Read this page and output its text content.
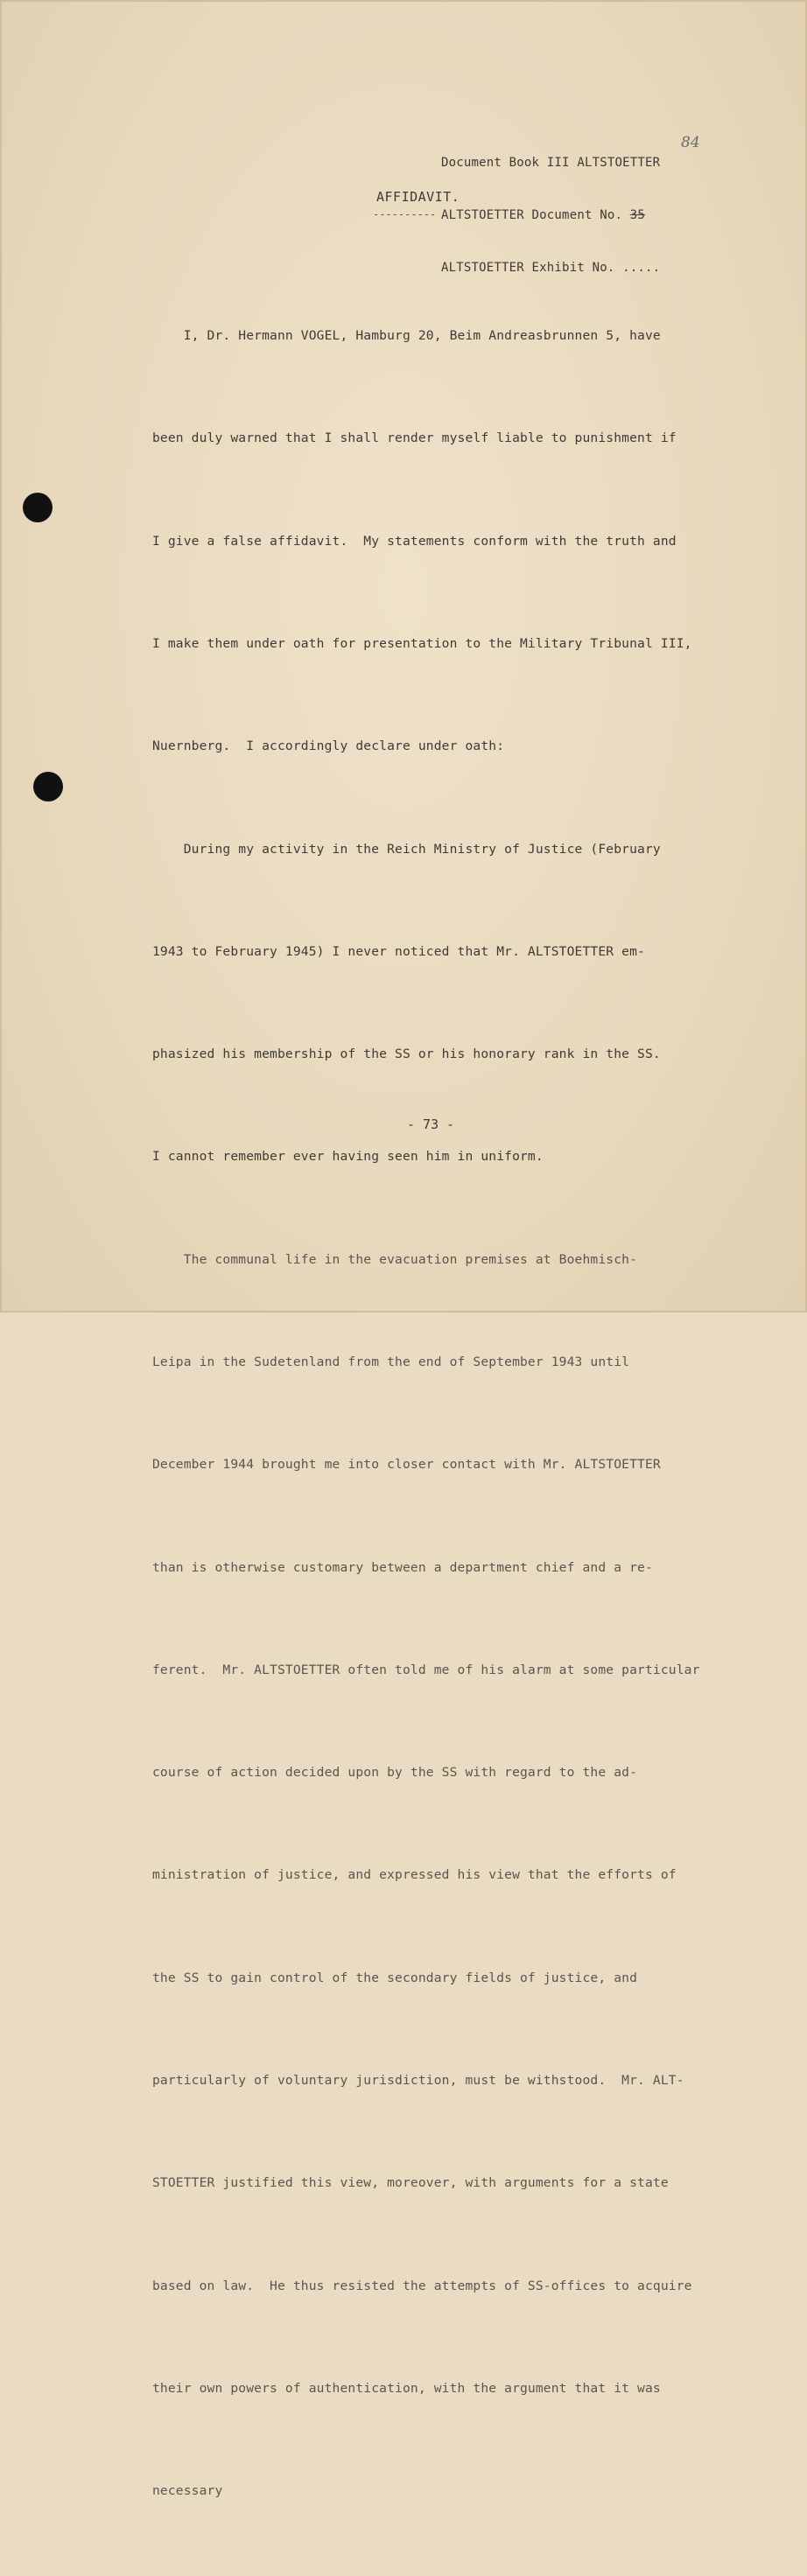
Document Book III ALTSTOETTER

ALTSTOETTER Document No. 35

ALTSTOETTER Exhibit No. .....

84
AFFIDAVIT.
----------

I, Dr. Hermann VOGEL, Hamburg 20, Beim Andreasbrunnen 5, have

been duly warned that I shall render myself liable to punishment if

I give a false affidavit.  My statements conform with the truth and

I make them under oath for presentation to the Military Tribunal III,

Nuernberg.  I accordingly declare under oath:

During my activity in the Reich Ministry of Justice (February

1943 to February 1945) I never noticed that Mr. ALTSTOETTER em-

phasized his membership of the SS or his honorary rank in the SS.

I cannot remember ever having seen him in uniform.

The communal life in the evacuation premises at Boehmisch-

Leipa in the Sudetenland from the end of September 1943 until

December 1944 brought me into closer contact with Mr. ALTSTOETTER

than is otherwise customary between a department chief and a re-

ferent.  Mr. ALTSTOETTER often told me of his alarm at some particular

course of action decided upon by the SS with regard to the ad-

ministration of justice, and expressed his view that the efforts of

the SS to gain control of the secondary fields of justice, and

particularly of voluntary jurisdiction, must be withstood.  Mr. ALT-

STOETTER justified this view, moreover, with arguments for a state

based on law.  He thus resisted the attempts of SS-offices to acquire

their own powers of authentication, with the argument that it was

necessary

- 73 -
